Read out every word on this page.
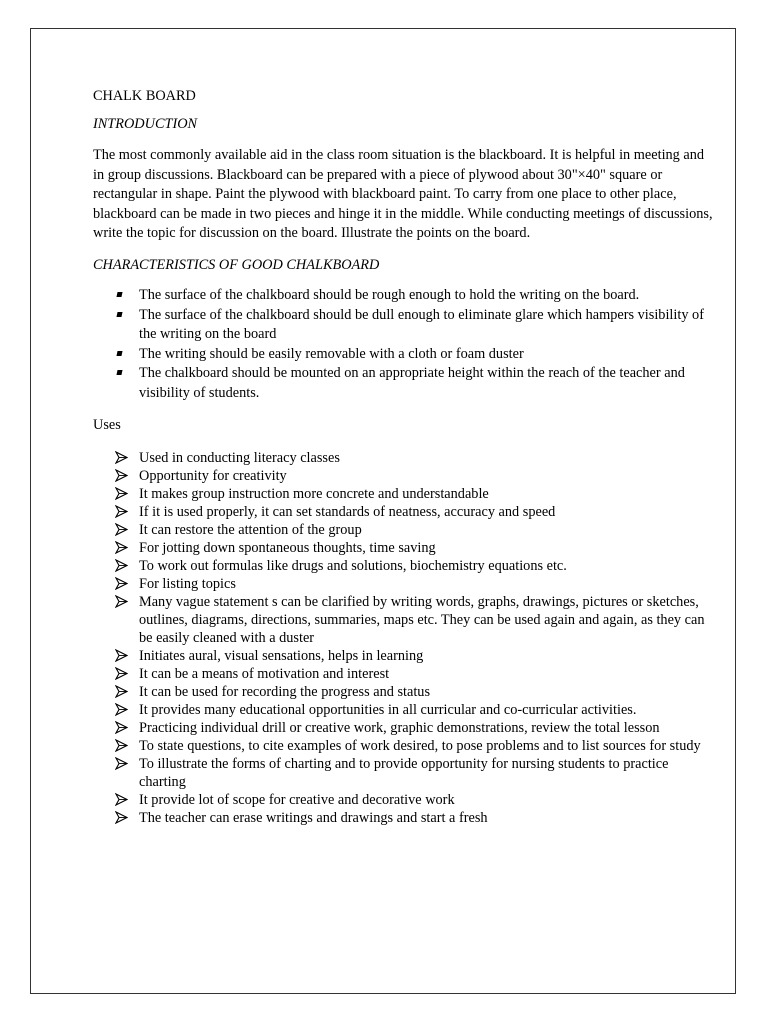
CHALK BOARD

INTRODUCTION

The most commonly available aid in the class room situation is the blackboard. It is helpful in meeting and in group discussions. Blackboard can be prepared with a piece of plywood about 30"×40" square or rectangular in shape. Paint the plywood with blackboard paint. To carry from one place to other place, blackboard can be made in two pieces and hinge it in the middle. While conducting meetings of discussions, write the topic for discussion on the board. Illustrate the points on the board.

CHARACTERISTICS OF GOOD CHALKBOARD

The surface of the chalkboard should be rough enough to hold the writing on the board.
The surface of the chalkboard should be dull enough to eliminate glare which hampers visibility of the writing on the board
The writing should be easily removable with a cloth or foam duster
The chalkboard should be mounted on an appropriate height within the reach of the teacher and visibility of students.

Uses

Used in conducting literacy classes
Opportunity for creativity
It makes group instruction more concrete and understandable
If it is used properly, it can set standards of neatness, accuracy and speed
It can restore the attention of the group
For jotting down spontaneous thoughts, time saving
To work out formulas like drugs and solutions, biochemistry equations etc.
For listing topics
Many vague statement s can be clarified by writing words, graphs, drawings, pictures or sketches, outlines, diagrams, directions, summaries, maps etc. They can be used again and again, as they can be easily cleaned with a duster
Initiates aural, visual sensations, helps in learning
It can be a means of motivation and interest
It can be used for recording the progress and status
It provides many educational opportunities in all curricular and co-curricular activities.
Practicing individual drill or creative work, graphic demonstrations, review the total lesson
To state questions, to cite examples of work desired, to pose problems and to list sources for study
To illustrate the forms of charting and to provide opportunity for nursing students to practice charting
It provide lot of scope for creative and decorative work
The teacher can erase writings and drawings and start a fresh
